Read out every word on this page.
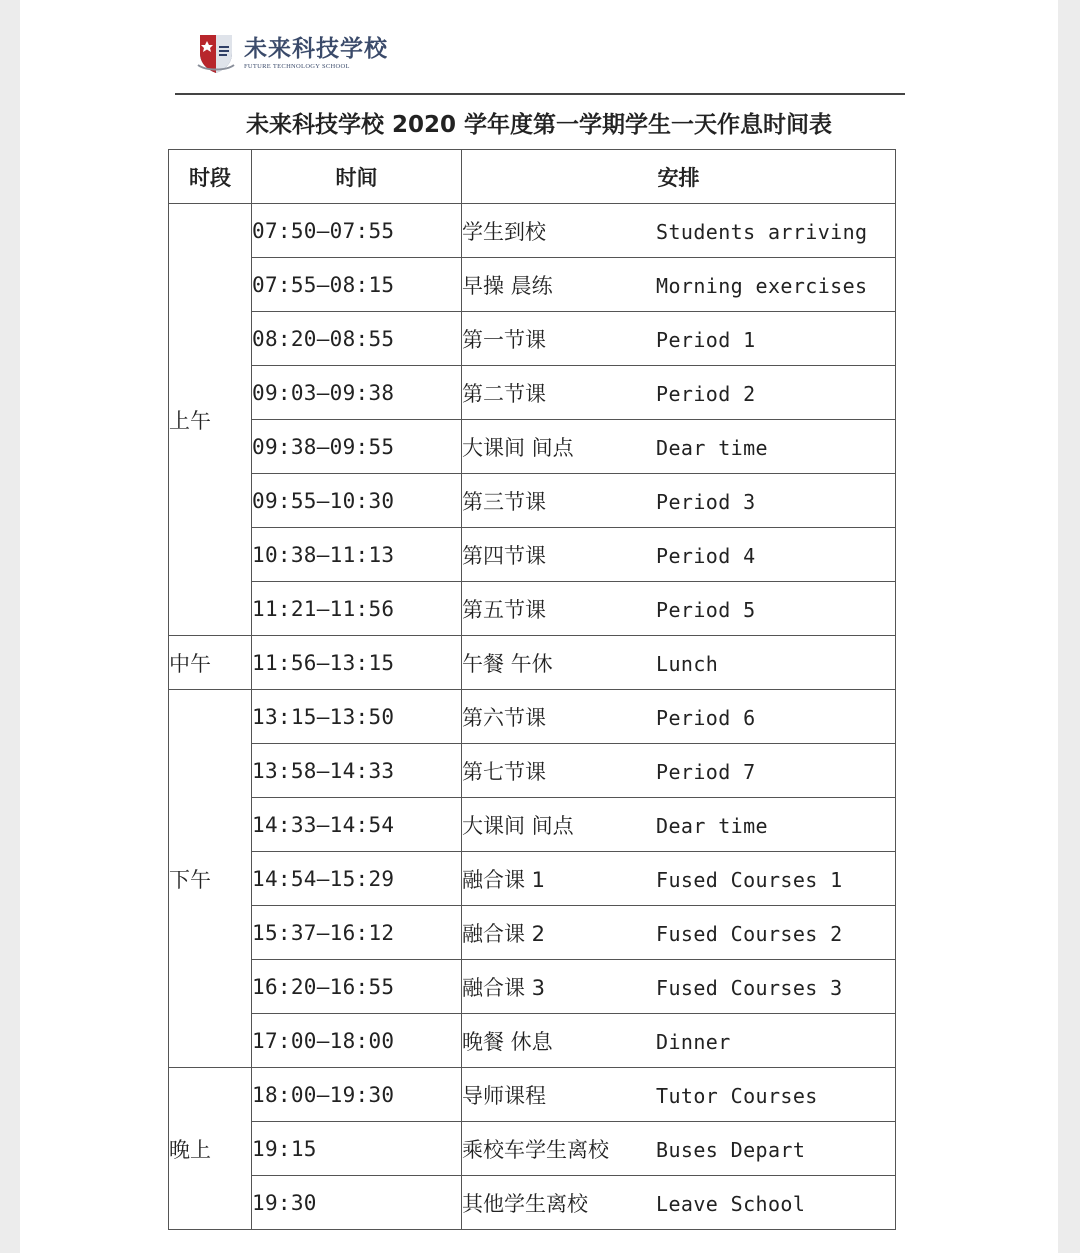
未来科技学校
FUTURE TECHNOLOGY SCHOOL
未来科技学校 2020 学年度第一学期学生一天作息时间表
时段	时间	安排
上午	07:50—07:55	学生到校 Students arriving
	07:55—08:15	早操 晨练 Morning exercises
	08:20—08:55	第一节课 Period 1
	09:03—09:38	第二节课 Period 2
	09:38—09:55	大课间 间点 Dear time
	09:55—10:30	第三节课 Period 3
	10:38—11:13	第四节课 Period 4
	11:21—11:56	第五节课 Period 5
中午	11:56—13:15	午餐 午休 Lunch
下午	13:15—13:50	第六节课 Period 6
	13:58—14:33	第七节课 Period 7
	14:33—14:54	大课间 间点 Dear time
	14:54—15:29	融合课 1 Fused Courses 1
	15:37—16:12	融合课 2 Fused Courses 2
	16:20—16:55	融合课 3 Fused Courses 3
	17:00—18:00	晚餐 休息 Dinner
晚上	18:00—19:30	导师课程 Tutor Courses
	19:15	乘校车学生离校 Buses Depart
	19:30	其他学生离校 Leave School
